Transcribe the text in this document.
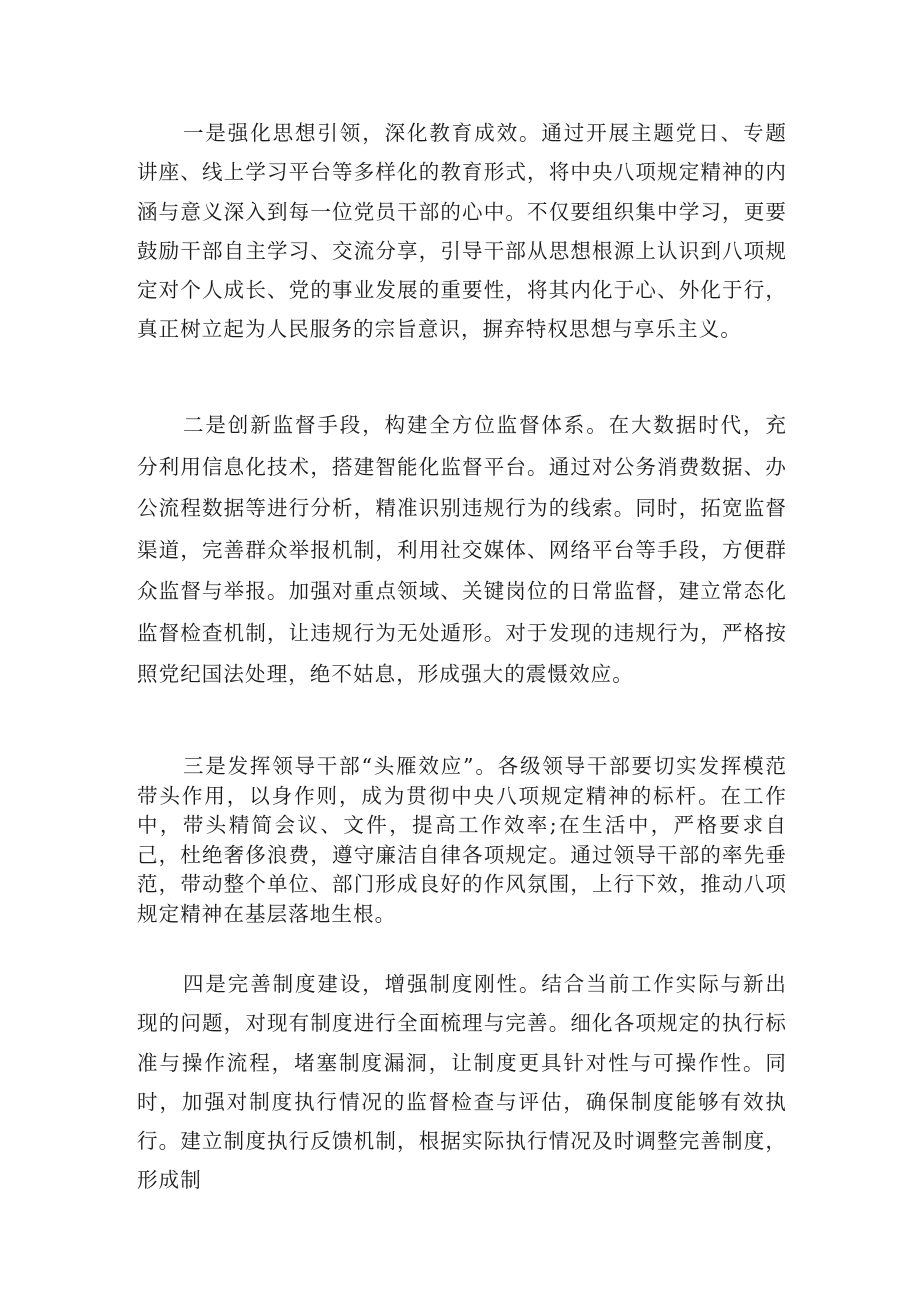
一是强化思想引领，深化教育成效。通过开展主题党日、专题讲座、线上学习平台等多样化的教育形式，将中央八项规定精神的内涵与意义深入到每一位党员干部的心中。不仅要组织集中学习，更要鼓励干部自主学习、交流分享，引导干部从思想根源上认识到八项规定对个人成长、党的事业发展的重要性，将其内化于心、外化于行，真正树立起为人民服务的宗旨意识，摒弃特权思想与享乐主义。

二是创新监督手段，构建全方位监督体系。在大数据时代，充分利用信息化技术，搭建智能化监督平台。通过对公务消费数据、办公流程数据等进行分析，精准识别违规行为的线索。同时，拓宽监督渠道，完善群众举报机制，利用社交媒体、网络平台等手段，方便群众监督与举报。加强对重点领域、关键岗位的日常监督，建立常态化监督检查机制，让违规行为无处遁形。对于发现的违规行为，严格按照党纪国法处理，绝不姑息，形成强大的震慑效应。

三是发挥领导干部“头雁效应”。各级领导干部要切实发挥模范带头作用，以身作则，成为贯彻中央八项规定精神的标杆。在工作中，带头精简会议、文件，提高工作效率;在生活中，严格要求自己，杜绝奢侈浪费，遵守廉洁自律各项规定。通过领导干部的率先垂范，带动整个单位、部门形成良好的作风氛围，上行下效，推动八项规定精神在基层落地生根。

四是完善制度建设，增强制度刚性。结合当前工作实际与新出现的问题，对现有制度进行全面梳理与完善。细化各项规定的执行标准与操作流程，堵塞制度漏洞，让制度更具针对性与可操作性。同时，加强对制度执行情况的监督检查与评估，确保制度能够有效执行。建立制度执行反馈机制，根据实际执行情况及时调整完善制度，形成制
